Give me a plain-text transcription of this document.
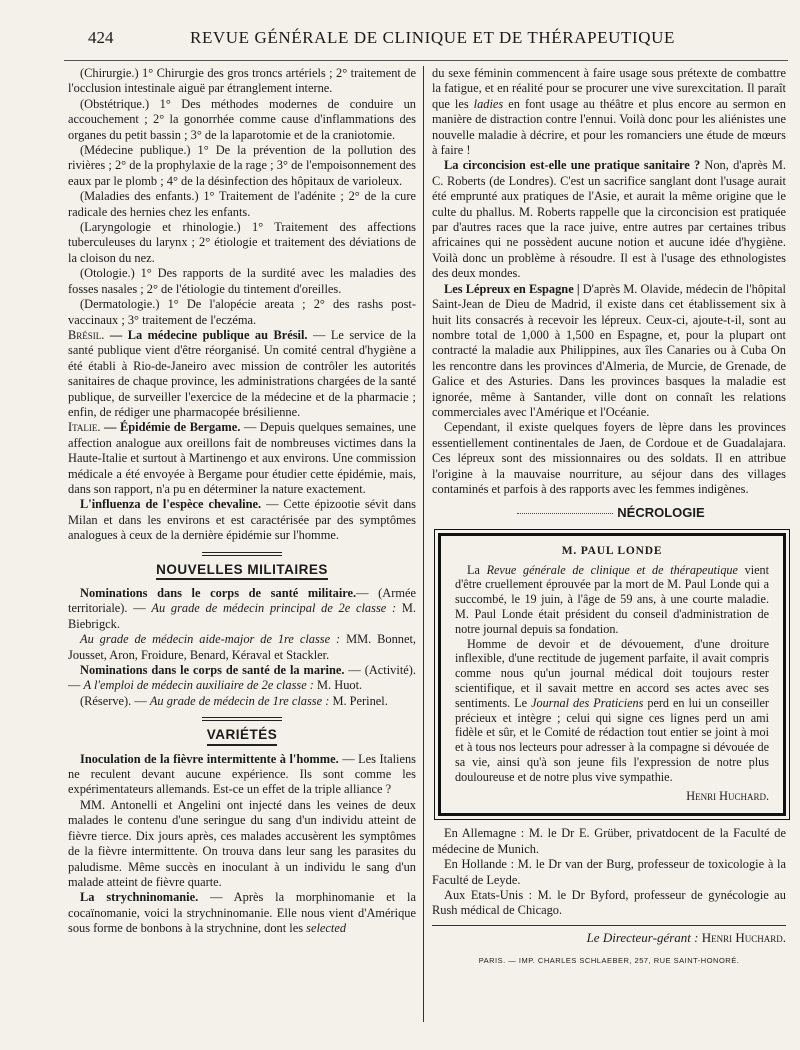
424	REVUE GÉNÉRALE DE CLINIQUE ET DE THÉRAPEUTIQUE

(Chirurgie.) 1° Chirurgie des gros troncs artériels ; 2° traitement de l'occlusion intestinale aiguë par étranglement interne.

(Obstétrique.) 1° Des méthodes modernes de conduire un accouchement ; 2° la gonorrhée comme cause d'inflammations des organes du petit bassin ; 3° de la laparotomie et de la craniotomie.

(Médecine publique.) 1° De la prévention de la pollution des rivières ; 2° de la prophylaxie de la rage ; 3° de l'empoisonnement des eaux par le plomb ; 4° de la désinfection des hôpitaux de varioleux.

(Maladies des enfants.) 1° Traitement de l'adénite ; 2° de la cure radicale des hernies chez les enfants.

(Laryngologie et rhinologie.) 1° Traitement des affections tuberculeuses du larynx ; 2° étiologie et traitement des déviations de la cloison du nez.

(Otologie.) 1° Des rapports de la surdité avec les maladies des fosses nasales ; 2° de l'étiologie du tintement d'oreilles.

(Dermatologie.) 1° De l'alopécie areata ; 2° des rashs post-vaccinaux ; 3° traitement de l'eczéma.

Brésil. — La médecine publique au Brésil. — Le service de la santé publique vient d'être réorganisé. Un comité central d'hygiène a été établi à Rio-de-Janeiro avec mission de contrôler les autorités sanitaires de chaque province, les administrations chargées de la santé publique, de surveiller l'exercice de la médecine et de la pharmacie ; enfin, de rédiger une pharmacopée brésilienne.

Italie. — Épidémie de Bergame. — Depuis quelques semaines, une affection analogue aux oreillons fait de nombreuses victimes dans la Haute-Italie et surtout à Martinengo et aux environs. Une commission médicale a été envoyée à Bergame pour étudier cette épidémie, mais, dans son rapport, n'a pu en déterminer la nature exactement.

L'influenza de l'espèce chevaline. — Cette épizootie sévit dans Milan et dans les environs et est caractérisée par des symptômes analogues à ceux de la dernière épidémie sur l'homme.

NOUVELLES MILITAIRES

Nominations dans le corps de santé militaire.— (Armée territoriale). — Au grade de médecin principal de 2e classe : M. Biebrigck.

Au grade de médecin aide-major de 1re classe : MM. Bonnet, Jousset, Aron, Froidure, Benard, Kéraval et Stackler.

Nominations dans le corps de santé de la marine. — (Activité). — A l'emploi de médecin auxiliaire de 2e classe : M. Huot.

(Réserve). — Au grade de médecin de 1re classe : M. Perinel.

VARIÉTÉS

Inoculation de la fièvre intermittente à l'homme. — Les Italiens ne reculent devant aucune expérience. Ils sont comme les expérimentateurs allemands. Est-ce un effet de la triple alliance ?

MM. Antonelli et Angelini ont injecté dans les veines de deux malades le contenu d'une seringue du sang d'un individu atteint de fièvre tierce. Dix jours après, ces malades accusèrent les symptômes de la fièvre intermittente. On trouva dans leur sang les parasites du paludisme. Même succès en inoculant à un individu le sang d'un malade atteint de fièvre quarte.

La strychninomanie. — Après la morphinomanie et la cocaïnomanie, voici la strychninomanie. Elle nous vient d'Amérique sous forme de bonbons à la strychnine, dont les selected

du sexe féminin commencent à faire usage sous prétexte de combattre la fatigue, et en réalité pour se procurer une vive surexcitation. Il paraît que les ladies en font usage au théâtre et plus encore au sermon en manière de distraction contre l'ennui. Voilà donc pour les aliénistes une nouvelle maladie à décrire, et pour les romanciers une étude de mœurs à faire !

La circoncision est-elle une pratique sanitaire ? Non, d'après M. C. Roberts (de Londres). C'est un sacrifice sanglant dont l'usage aurait été emprunté aux pratiques de l'Asie, et aurait la même origine que le culte du phallus. M. Roberts rappelle que la circoncision est pratiquée par d'autres races que la race juive, entre autres par certaines tribus africaines qui ne possèdent aucune notion et aucune idée d'hygiène. Voilà donc un problème à résoudre. Il est à l'usage des ethnologistes des deux mondes.

Les Lépreux en Espagne | D'après M. Olavide, médecin de l'hôpital Saint-Jean de Dieu de Madrid, il existe dans cet établissement six à huit lits consacrés à recevoir les lépreux. Ceux-ci, ajoute-t-il, sont au nombre total de 1,000 à 1,500 en Espagne, et, pour la plupart ont contracté la maladie aux Philippines, aux îles Canaries ou à Cuba On les rencontre dans les provinces d'Almeria, de Murcie, de Grenade, de Galice et des Asturies. Dans les provinces basques la maladie est ignorée, même à Santander, ville dont on connaît les relations commerciales avec l'Amérique et l'Océanie.

Cependant, il existe quelques foyers de lèpre dans les provinces essentiellement continentales de Jaen, de Cordoue et de Guadalajara. Ces lépreux sont des missionnaires ou des soldats. Il en attribue l'origine à la mauvaise nourriture, au séjour dans des villages contaminés et parfois à des rapports avec les femmes indigènes.

NÉCROLOGIE
M. PAUL LONDE

La Revue générale de clinique et de thérapeutique vient d'être cruellement éprouvée par la mort de M. Paul Londe qui a succombé, le 19 juin, à l'âge de 59 ans, à une courte maladie. M. Paul Londe était président du conseil d'administration de notre journal depuis sa fondation.

Homme de devoir et de dévouement, d'une droiture inflexible, d'une rectitude de jugement parfaite, il avait compris comme nous qu'un journal médical doit toujours rester scientifique, et il savait mettre en accord ses actes avec ses sentiments. Le Journal des Praticiens perd en lui un conseiller précieux et intègre ; celui qui signe ces lignes perd un ami fidèle et sûr, et le Comité de rédaction tout entier se joint à moi et à tous nos lecteurs pour adresser à la compagne si dévouée de sa vie, ainsi qu'à son jeune fils l'expression de notre plus douloureuse et de notre plus vive sympathie.

Henri Huchard.

En Allemagne : M. le Dr E. Grüber, privatdocent de la Faculté de médecine de Munich.

En Hollande : M. le Dr van der Burg, professeur de toxicologie à la Faculté de Leyde.

Aux Etats-Unis : M. le Dr Byford, professeur de gynécologie au Rush médical de Chicago.

Le Directeur-gérant : Henri Huchard.
PARIS. — IMP. CHARLES SCHLAEBER, 257, RUE SAINT-HONORÉ.
